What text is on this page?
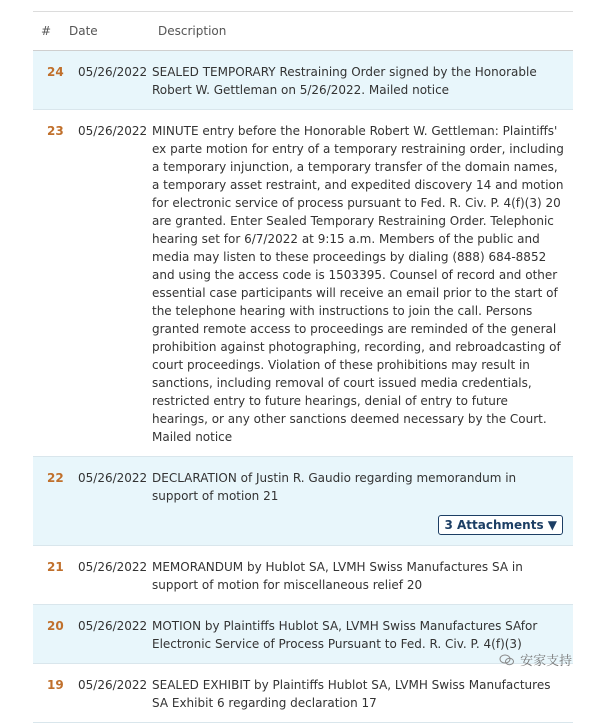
# Date	Description
24 05/26/2022 SEALED TEMPORARY Restraining Order signed by the Honorable Robert W. Gettleman on 5/26/2022. Mailed notice
23 05/26/2022 MINUTE entry before the Honorable Robert W. Gettleman: Plaintiffs' ex parte motion for entry of a temporary restraining order, including a temporary injunction, a temporary transfer of the domain names, a temporary asset restraint, and expedited discovery 14 and motion for electronic service of process pursuant to Fed. R. Civ. P. 4(f)(3) 20 are granted. Enter Sealed Temporary Restraining Order. Telephonic hearing set for 6/7/2022 at 9:15 a.m. Members of the public and media may listen to these proceedings by dialing (888) 684-8852 and using the access code is 1503395. Counsel of record and other essential case participants will receive an email prior to the start of the telephone hearing with instructions to join the call. Persons granted remote access to proceedings are reminded of the general prohibition against photographing, recording, and rebroadcasting of court proceedings. Violation of these prohibitions may result in sanctions, including removal of court issued media credentials, restricted entry to future hearings, denial of entry to future hearings, or any other sanctions deemed necessary by the Court. Mailed notice
22 05/26/2022 DECLARATION of Justin R. Gaudio regarding memorandum in support of motion 21
3 Attachments ▼
21 05/26/2022 MEMORANDUM by Hublot SA, LVMH Swiss Manufactures SA in support of motion for miscellaneous relief 20
20 05/26/2022 MOTION by Plaintiffs Hublot SA, LVMH Swiss Manufactures SAfor Electronic Service of Process Pursuant to Fed. R. Civ. P. 4(f)(3)
19 05/26/2022 SEALED EXHIBIT by Plaintiffs Hublot SA, LVMH Swiss Manufactures SA Exhibit 6 regarding declaration 17
安家支持
